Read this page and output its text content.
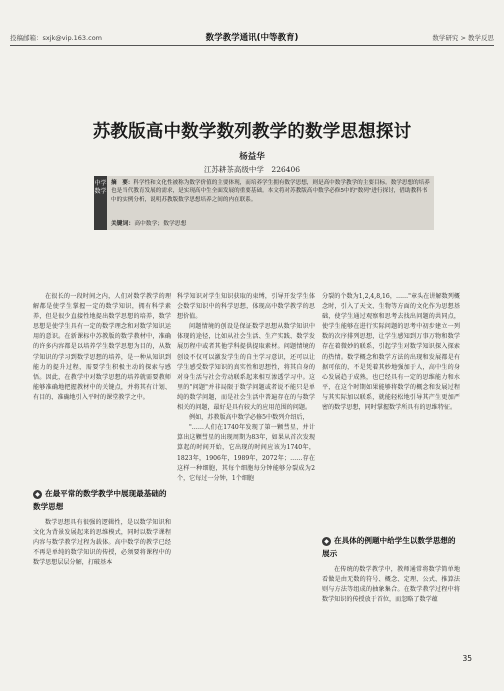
投稿邮箱：sxjk@vip.163.com	数学教学通讯(中等教育)	数学研究 > 教学反思
苏教版高中数学数列教学的数学思想探讨
杨益华
江苏耕茶高级中学　226406
中学数学
摘　要：科学性和文化性被称为数学价值的主要体现，而培养学生拥有数学思想，则是高中数学教学的主要目标。数学思想的培养也是当代教育发展的需求，是实现高中生全面发展的重要基础。本文将对苏教版高中数学必修5中的"数列"进行探讨，借助教科书中的实例分析，说明苏教版数学思想培养之间的内在联系。
关键词：高中数学；数学思想

在很长的一段时间之内，人们对数学教学的理解都是使学生掌握一定的数学知识，拥有科学素养，但是很少直接性地提出数学思想的培养，数学思想是使学生具有一定的数学理念和对数学知识运用的意识。在新课标中苏教版的数学教材中，准确的许多内容都是以培养学生数学思想为目的，从数学知识的学习到数学思想的培养，是一种从知识到能力的提升过程，需要学生积极主动的探索与感悟。因此，在教学中对数学思想的培养就需要教师能够准确地把握教材中的关键点，并将其有计划、有目的、准确地引入平时的课堂教学之中。

◆ 在最平常的数学教学中展现最基础的数学思想

数学思想具有很强的逻辑性，是以数学知识和文化为背景发展起来的思维模式，同时以数学课程内容与数学教学过程为载体。高中数学的教学已经不再是单纯的数学知识的传授，必须要将课程中的数学思想层层分解，打破基本

科学知识对学生知识获取的束缚，引导开发学生体会数学知识中的科学思想，体现高中数学教学的思想价值。

问题情境的创设是保证数学思想从数学知识中体现的途径，比如从社会生活、生产实践、数学发展历程中或者其他学科提供提取素材。问题情境的创设不仅可以激发学生的自主学习意识，还可以让学生感受数学知识的真实性和思想性，将其自身的对身生活与社会劳动联系起来相互渗透学习中。这里的"问题"并非局限于数学问题或者说不能只是单纯的数学问题，而是社会生活中普遍存在的与数学相关的问题，最好是具有较大的应用范围的问题。

例如，苏教版高中数学必修5中数列介绍后，

"……人们在1740年发现了第一颗彗星，并计算出这颗彗星的出现周期为83年，如果从首次发现算起的时间开始，它出现的时间应该为1740年，1823年，1906年，1989年，2072年；……存在这样一种细胞，其每个细胞每分钟能够分裂成为2个，它每过一分钟，1个细胞

分裂的个数为1,2,4,8,16，……"章头在讲解数列概念时，引入了天文、生物等方面的文化作为思想基础，使学生通过观察和思考去找出问题的共同点，使学生能够在进行实际问题的思考中初步建立一列数的次序排列思想，让学生感知到万事万物和数学存在着微妙的联系，引起学生对数学知识探入探索的热情。数学概念和数学方法的出现和发展都是有据可依的，不是凭着其妙地强加于人，高中生的身心发展趋于成熟，也已经具有一定的思维能力和水平，在这个时期如果能够将数学的概念和发展过程与其实际加以联系，就能轻松地引导其产生更加严密的数学思想，同时掌握数学所具有的思维特征。

◆ 在具体的例题中给学生以数学思想的展示

在传统的数学教学中，教师通常将数学简单地看做是由无数的符号、概念、定理、公式、推算法则与方法等组成的抽象集合。在数学教学过程中将数学知识的传授放于首位，而忽略了数学蕴

35
